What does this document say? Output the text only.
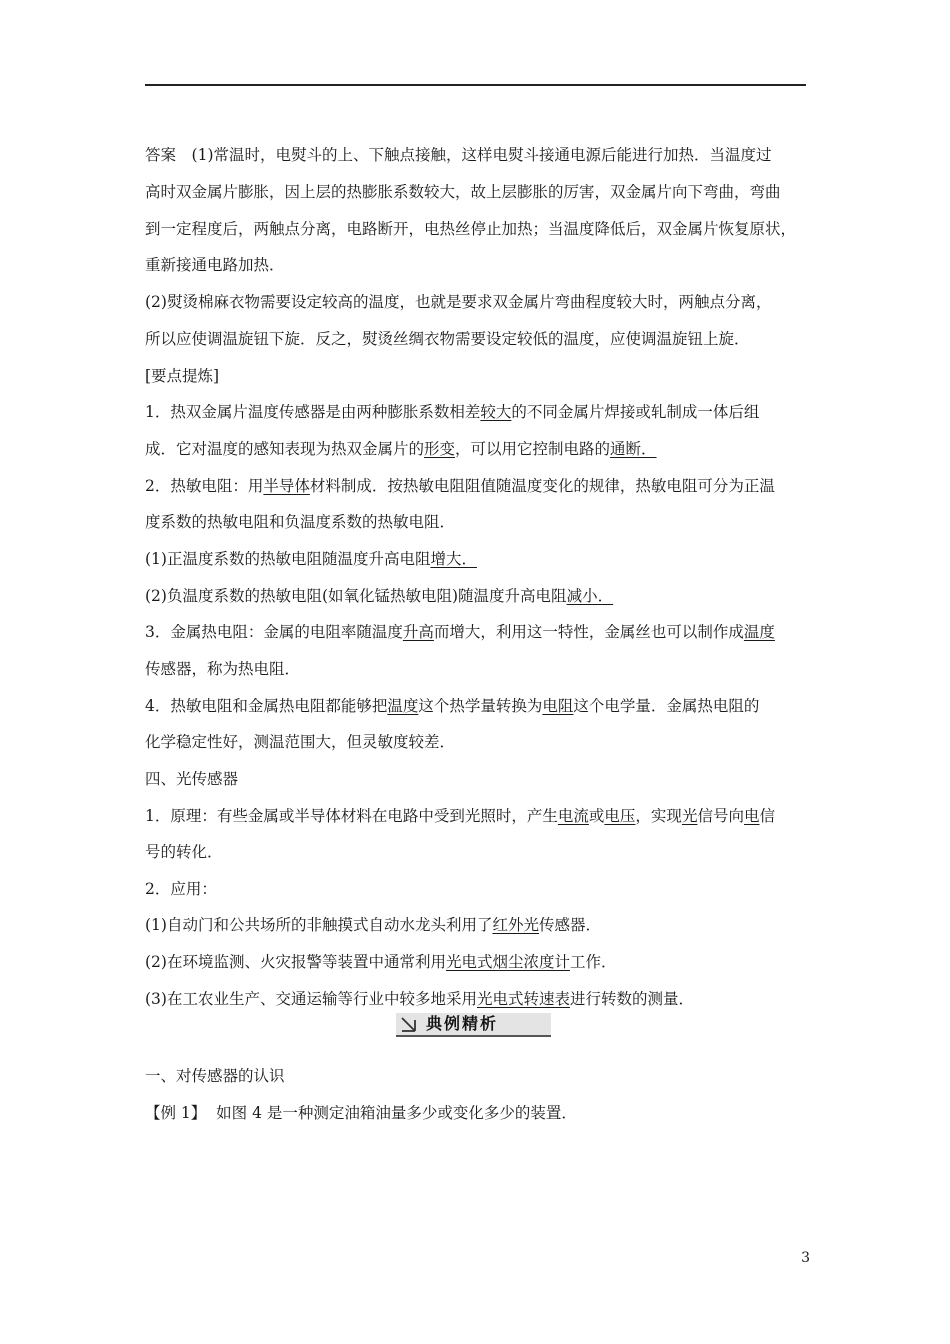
答案　 (1)常温时，电熨斗的上、下触点接触，这样电熨斗接通电源后能进行加热．当温度过
高时双金属片膨胀，因上层的热膨胀系数较大，故上层膨胀的厉害，双金属片向下弯曲，弯曲
到一定程度后，两触点分离，电路断开，电热丝停止加热；当温度降低后，双金属片恢复原状，
重新接通电路加热．
(2)熨烫棉麻衣物需要设定较高的温度，也就是要求双金属片弯曲程度较大时，两触点分离，
所以应使调温旋钮下旋．反之，熨烫丝绸衣物需要设定较低的温度，应使调温旋钮上旋．
[要点提炼]
1．热双金属片温度传感器是由两种膨胀系数相差较大的不同金属片焊接或轧制成一体后组
成．它对温度的感知表现为热双金属片的形变，可以用它控制电路的通断．
2．热敏电阻：用半导体材料制成．按热敏电阻阻值随温度变化的规律，热敏电阻可分为正温
度系数的热敏电阻和负温度系数的热敏电阻．
(1)正温度系数的热敏电阻随温度升高电阻增大．
(2)负温度系数的热敏电阻(如氧化锰热敏电阻)随温度升高电阻减小．
3．金属热电阻：金属的电阻率随温度升高而增大，利用这一特性，金属丝也可以制作成温度
传感器，称为热电阻．
4．热敏电阻和金属热电阻都能够把温度这个热学量转换为电阻这个电学量．金属热电阻的
化学稳定性好，测温范围大，但灵敏度较差．
四、光传感器
1．原理：有些金属或半导体材料在电路中受到光照时，产生电流或电压，实现光信号向电信
号的转化．
2．应用：
(1)自动门和公共场所的非触摸式自动水龙头利用了红外光传感器．
(2)在环境监测、火灾报警等装置中通常利用光电式烟尘浓度计工作．
(3)在工农业生产、交通运输等行业中较多地采用光电式转速表进行转数的测量．
典例精析
一、对传感器的认识
【例 1】 如图 4 是一种测定油箱油量多少或变化多少的装置．
3
